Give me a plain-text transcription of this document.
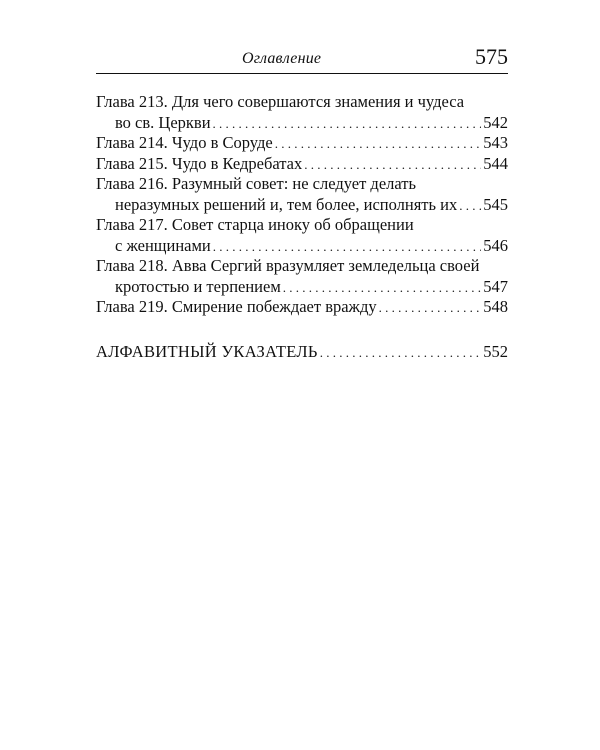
Оглавление	575
Глава 213. Для чего совершаются знамения и чудеса
во св. Церкви . . .	542
Глава 214. Чудо в Соруде . . .	543
Глава 215. Чудо в Кедребатах . . .	544
Глава 216. Разумный совет: не следует делать
неразумных решений и, тем более, исполнять их . . . 545
Глава 217. Совет старца иноку об обращении
с женщинами . . .	546
Глава 218. Авва Сергий вразумляет земледельца своей
кротостью и терпением . . .	547
Глава 219. Смирение побеждает вражду . . .	548
АЛФАВИТНЫЙ УКАЗАТЕЛЬ . . .	552
